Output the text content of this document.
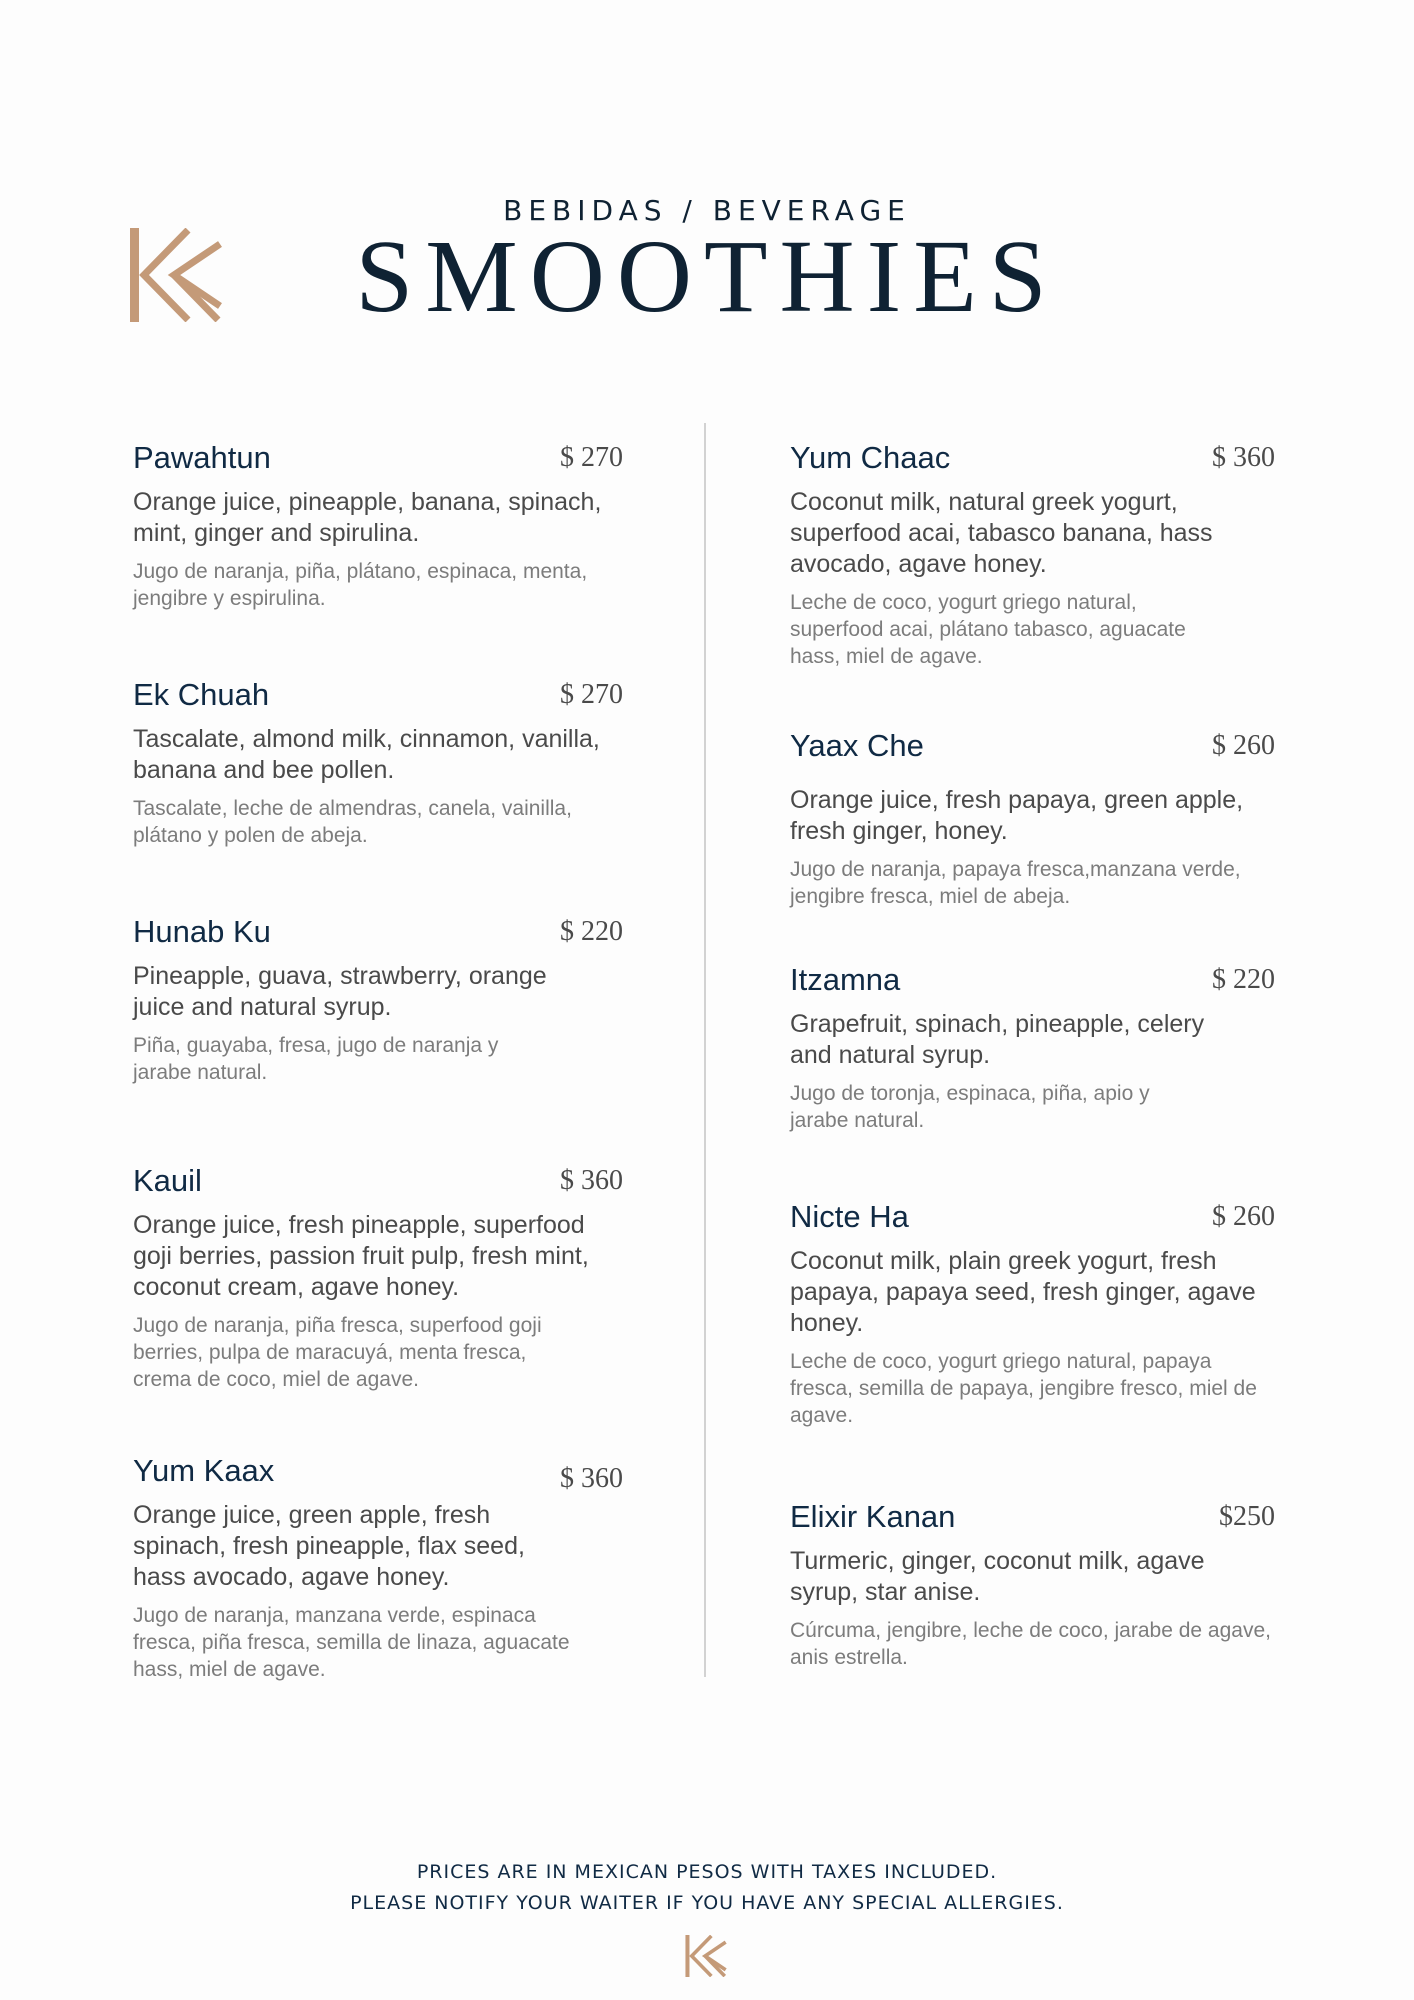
BEBIDAS / BEVERAGE
SMOOTHIES
Pawahtun	$ 270
Orange juice, pineapple, banana, spinach, mint, ginger and spirulina.
Jugo de naranja, piña, plátano, espinaca, menta, jengibre y espirulina.
Ek Chuah	$ 270
Tascalate, almond milk, cinnamon, vanilla, banana and bee pollen.
Tascalate, leche de almendras, canela, vainilla, plátano y polen de abeja.
Hunab Ku	$ 220
Pineapple, guava, strawberry, orange juice and natural syrup.
Piña, guayaba, fresa, jugo de naranja y jarabe natural.
Kauil	$ 360
Orange juice, fresh pineapple, superfood goji berries, passion fruit pulp, fresh mint, coconut cream, agave honey.
Jugo de naranja, piña fresca, superfood goji berries, pulpa de maracuyá, menta fresca, crema de coco, miel de agave.
Yum Kaax	$ 360
Orange juice, green apple, fresh spinach, fresh pineapple, flax seed, hass avocado, agave honey.
Jugo de naranja, manzana verde, espinaca fresca, piña fresca, semilla de linaza, aguacate hass, miel de agave.
Yum Chaac	$ 360
Coconut milk, natural greek yogurt, superfood acai, tabasco banana, hass avocado, agave honey.
Leche de coco, yogurt griego natural, superfood acai, plátano tabasco, aguacate hass, miel de agave.
Yaax Che	$ 260
Orange juice, fresh papaya, green apple, fresh ginger, honey.
Jugo de naranja, papaya fresca,manzana verde, jengibre fresca, miel de abeja.
Itzamna	$ 220
Grapefruit, spinach, pineapple, celery and natural syrup.
Jugo de toronja, espinaca, piña, apio y jarabe natural.
Nicte Ha	$ 260
Coconut milk, plain greek yogurt, fresh papaya, papaya seed, fresh ginger, agave honey.
Leche de coco, yogurt griego natural, papaya fresca, semilla de papaya, jengibre fresco, miel de agave.
Elixir Kanan	$250
Turmeric, ginger, coconut milk, agave syrup, star anise.
Cúrcuma, jengibre, leche de coco, jarabe de agave, anis estrella.
PRICES ARE IN MEXICAN PESOS WITH TAXES INCLUDED.
PLEASE NOTIFY YOUR WAITER IF YOU HAVE ANY SPECIAL ALLERGIES.
